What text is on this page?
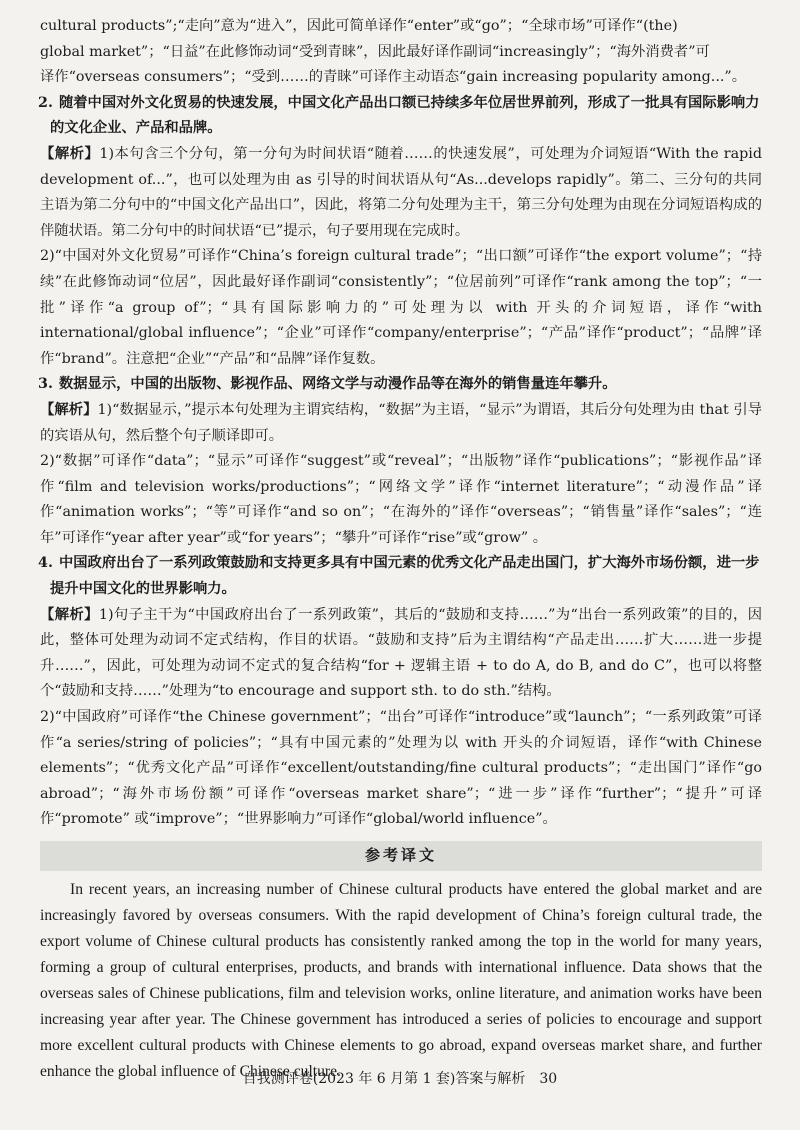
cultural products”;“走向”意为“进入”，因此可简单译作“enter”或“go”；“全球市场”可译作“(the)

global market”；“日益”在此修饰动词“受到青睐”，因此最好译作副词“increasingly”；“海外消费者”可

译作“overseas consumers”；“受到……的青睐”可译作主动语态“gain increasing popularity among...”。

2. 随着中国对外文化贸易的快速发展，中国文化产品出口额已持续多年位居世界前列，形成了一批具有国际影响力的文化企业、产品和品牌。

【解析】1)本句含三个分句，第一分句为时间状语“随着……的快速发展”，可处理为介词短语“With the rapid development of...”，也可以处理为由 as 引导的时间状语从句“As...develops rapidly”。第二、三分句的共同主语为第二分句中的“中国文化产品出口”，因此，将第二分句处理为主干，第三分句处理为由现在分词短语构成的伴随状语。第二分句中的时间状语“已”提示，句子要用现在完成时。

2)“中国对外文化贸易”可译作“China’s foreign cultural trade”；“出口额”可译作“the export volume”；“持续”在此修饰动词“位居”，因此最好译作副词“consistently”；“位居前列”可译作“rank among the top”；“一批”译作“a group of”；“具有国际影响力的”可处理为以 with 开头的介词短语，译作“with international/global influence”；“企业”可译作“company/enterprise”；“产品”译作“product”；“品牌”译作“brand”。注意把“企业”“产品”和“品牌”译作复数。

3. 数据显示，中国的出版物、影视作品、网络文学与动漫作品等在海外的销售量连年攀升。

【解析】1)“数据显示，”提示本句处理为主谓宾结构，“数据”为主语，“显示”为谓语，其后分句处理为由 that 引导的宾语从句，然后整个句子顺译即可。

2)“数据”可译作“data”；“显示”可译作“suggest”或“reveal”；“出版物”译作“publications”；“影视作品”译作“film and television works/productions”；“网络文学”译作“internet literature”；“动漫作品”译作“animation works”；“等”可译作“and so on”；“在海外的”译作“overseas”；“销售量”译作“sales”；“连年”可译作“year after year”或“for years”；“攀升”可译作“rise”或“grow” 。

4. 中国政府出台了一系列政策鼓励和支持更多具有中国元素的优秀文化产品走出国门，扩大海外市场份额，进一步提升中国文化的世界影响力。

【解析】1)句子主干为“中国政府出台了一系列政策”，其后的“鼓励和支持……”为“出台一系列政策”的目的，因此，整体可处理为动词不定式结构，作目的状语。“鼓励和支持”后为主谓结构“产品走出……扩大……进一步提升……”，因此，可处理为动词不定式的复合结构“for + 逻辑主语 + to do A, do B, and do C”，也可以将整个“鼓励和支持……”处理为“to encourage and support sth. to do sth.”结构。

2)“中国政府”可译作“the Chinese government”；“出台”可译作“introduce”或“launch”；“一系列政策”可译作“a series/string of policies”；“具有中国元素的”处理为以 with 开头的介词短语，译作“with Chinese elements”；“优秀文化产品”可译作“excellent/outstanding/fine cultural products”；“走出国门”译作“go abroad”；“海外市场份额”可译作“overseas market share”；“进一步”译作“further”；“提升”可译作“promote” 或“improve”；“世界影响力”可译作“global/world influence”。

参考译文

In recent years, an increasing number of Chinese cultural products have entered the global market and are increasingly favored by overseas consumers. With the rapid development of China’s foreign cultural trade, the export volume of Chinese cultural products has consistently ranked among the top in the world for many years, forming a group of cultural enterprises, products, and brands with international influence. Data shows that the overseas sales of Chinese publications, film and television works, online literature, and animation works have been increasing year after year. The Chinese government has introduced a series of policies to encourage and support more excellent cultural products with Chinese elements to go abroad, expand overseas market share, and further enhance the global influence of Chinese culture.

自我测评卷(2023 年 6 月第 1 套)答案与解析　30
